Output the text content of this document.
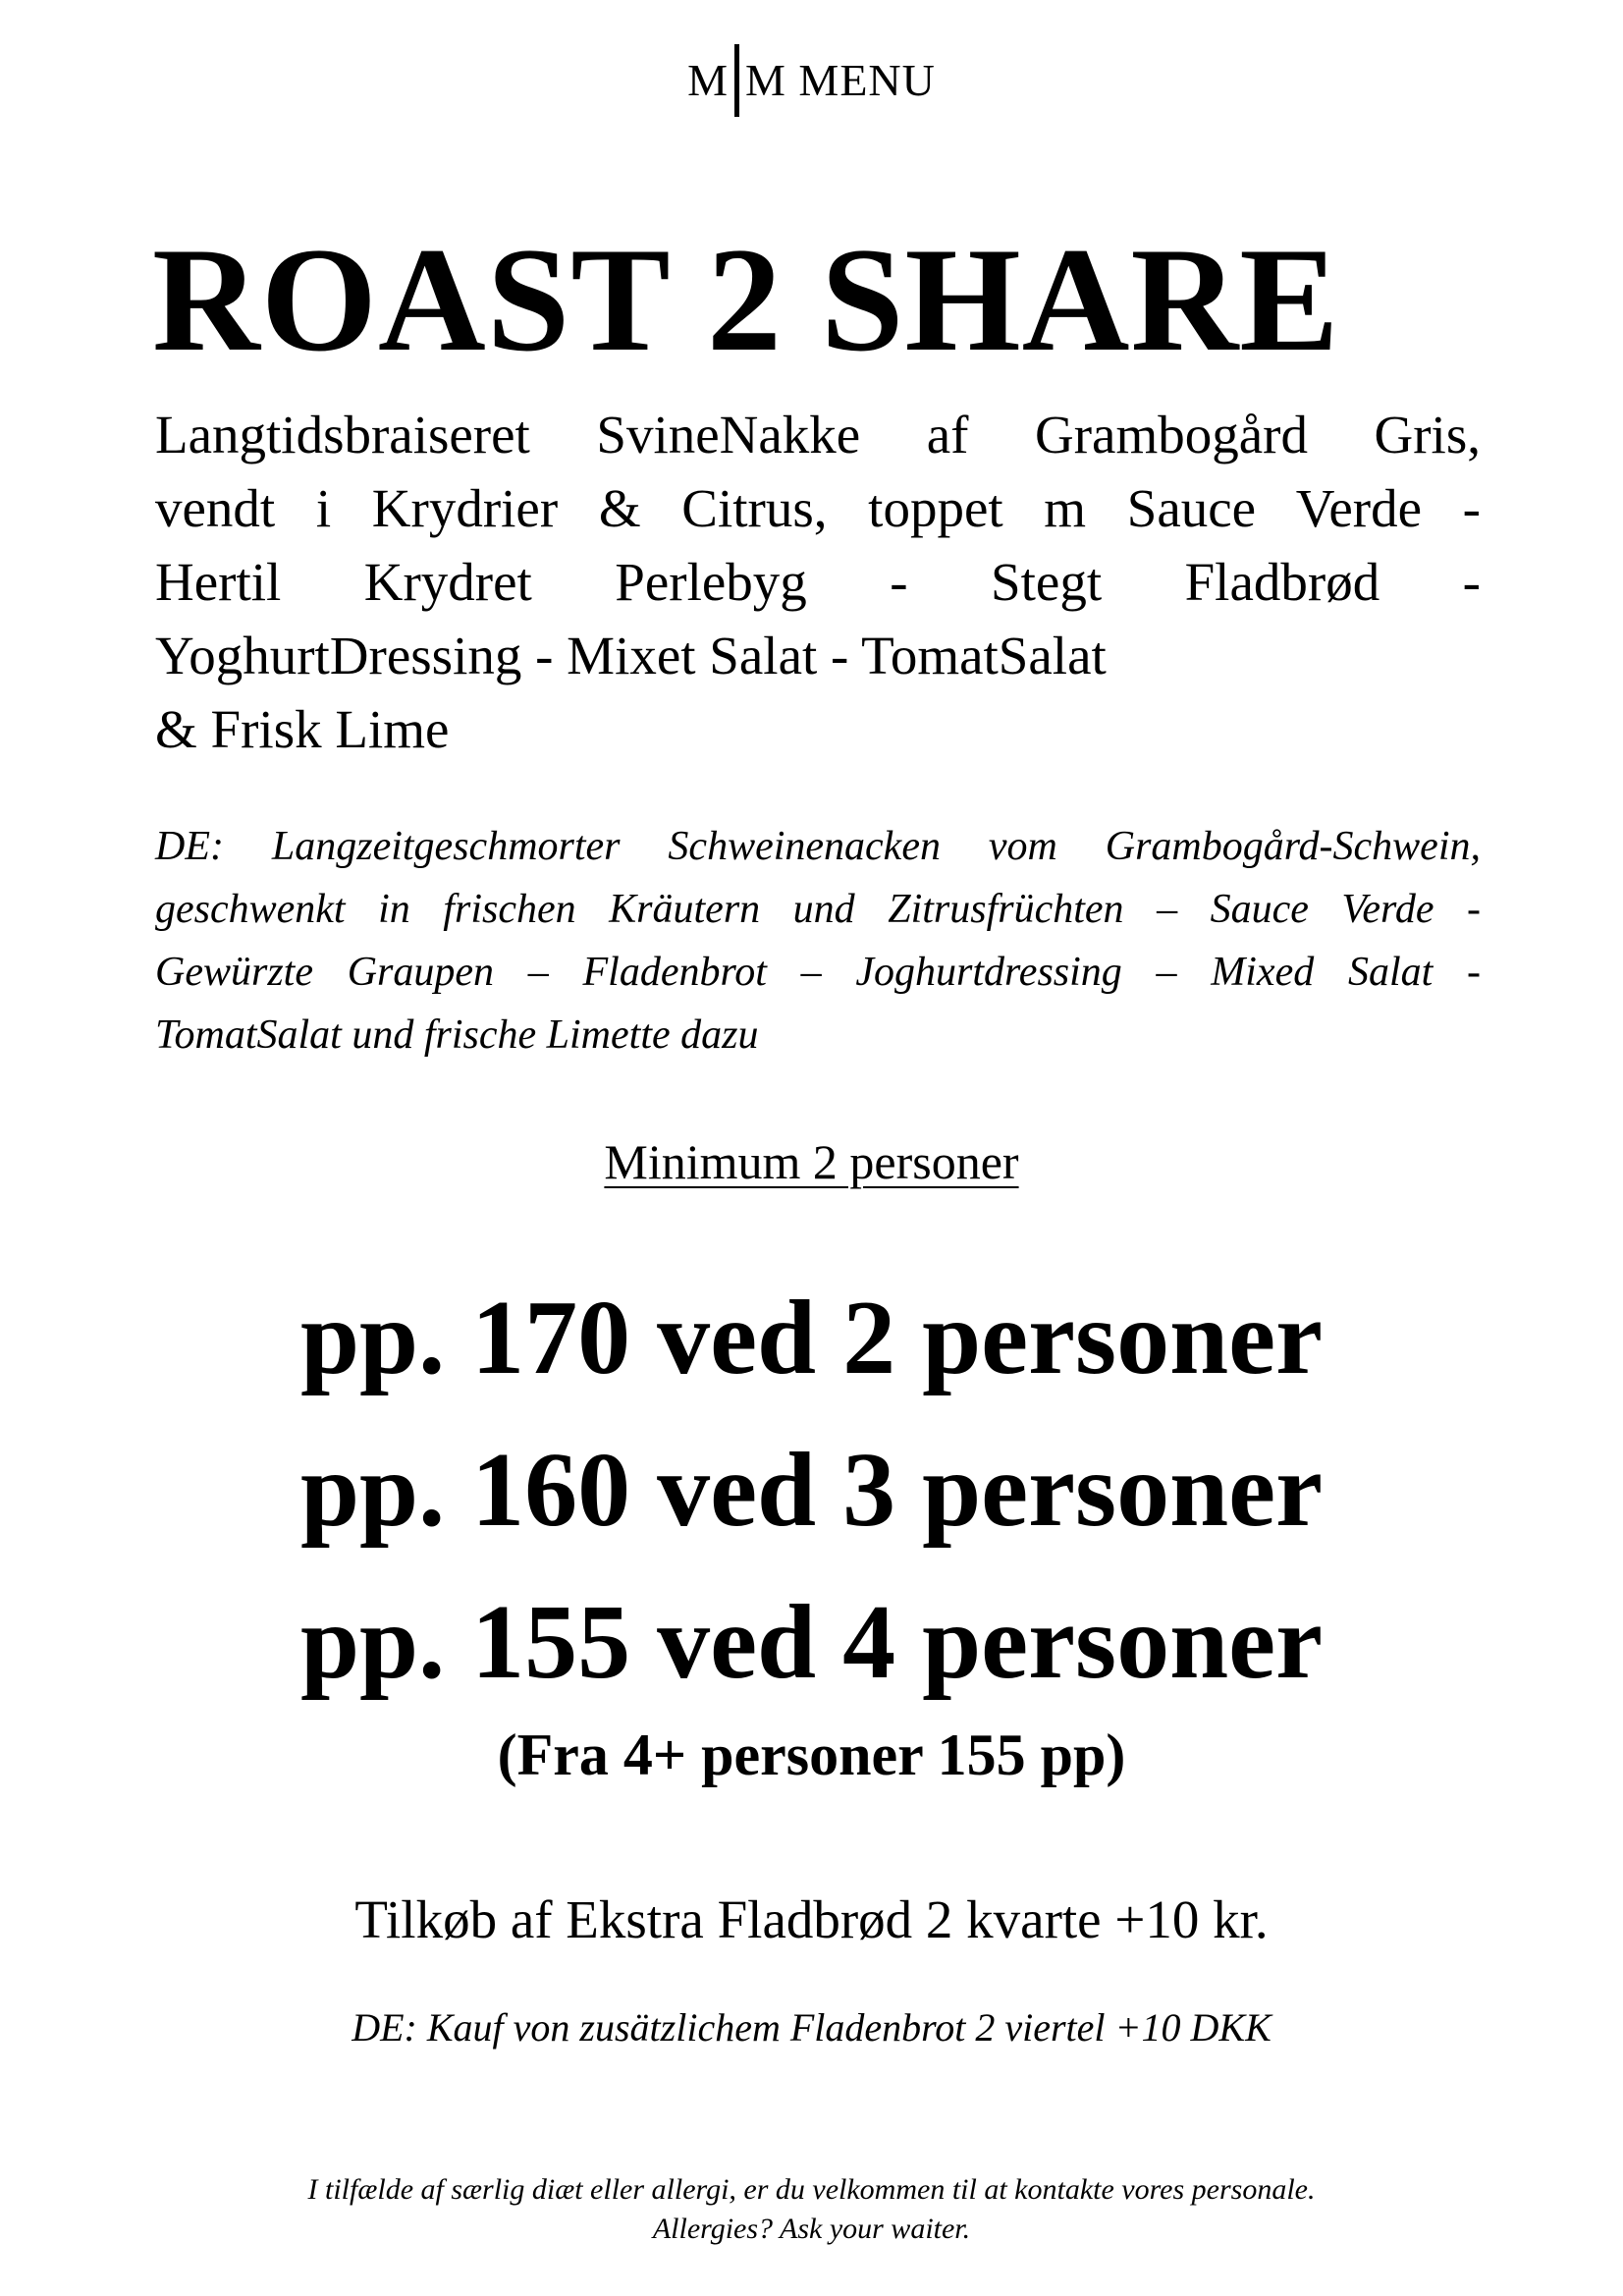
M M MENU
ROAST 2 SHARE
Langtidsbraiseret SvineNakke af Grambogård Gris,
vendt i Krydrier & Citrus, toppet m Sauce Verde -
Hertil Krydret Perlebyg - Stegt Fladbrød -
YoghurtDressing - Mixet Salat - TomatSalat
& Frisk Lime
DE: Langzeitgeschmorter Schweinenacken vom Grambogård-Schwein,
geschwenkt in frischen Kräutern und Zitrusfrüchten – Sauce Verde -
Gewürzte Graupen – Fladenbrot – Joghurtdressing – Mixed Salat -
TomatSalat und frische Limette dazu
Minimum 2 personer
pp. 170 ved 2 personer
pp. 160 ved 3 personer
pp. 155 ved 4 personer
(Fra 4+ personer 155 pp)
Tilkøb af Ekstra Fladbrød 2 kvarte +10 kr.
DE: Kauf von zusätzlichem Fladenbrot 2 viertel +10 DKK
I tilfælde af særlig diæt eller allergi, er du velkommen til at kontakte vores personale.
Allergies? Ask your waiter.
